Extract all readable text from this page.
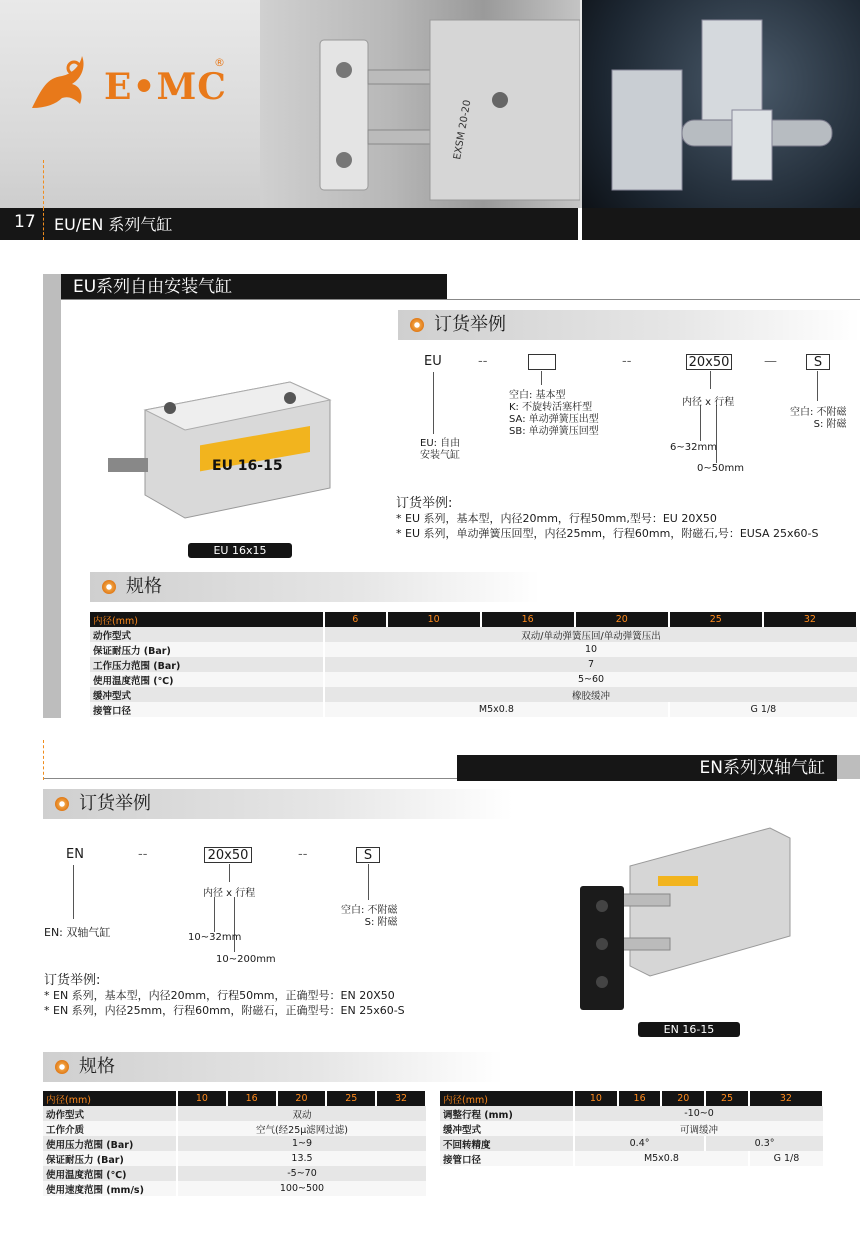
EXSM 20-20
E•MC
®
17 EU/EN 系列气缸
EU系列自由安装气缸
EU 16-15
EU 16x15
订货举例
EU	--	--	20x50	—	S
空白: 基本型
K: 不旋转活塞杆型
SA: 单动弹簧压出型
SB: 单动弹簧压回型
EU: 自由
安装气缸
内径 x 行程
6~32mm
0~50mm
空白: 不附磁
S: 附磁
订货举例:
* EU 系列，基本型，内径20mm，行程50mm,型号：EU 20X50
* EU 系列，单动弹簧压回型，内径25mm，行程60mm，附磁石,号：EUSA 25x60-S
规格
内径(mm)	6	10	16	20	25	32
动作型式	双动/单动弹簧压回/单动弹簧压出					
保证耐压力 (Bar)	10					
工作压力范围 (Bar)	7					
使用温度范围 (℃)	5~60					
缓冲型式	橡胶缓冲					
接管口径	M5x0.8				G 1/8	
EN系列双轴气缸
订货举例
EN	--	20x50	--	S
内径 x 行程
EN: 双轴气缸	10~32mm
10~200mm
空白: 不附磁
S: 附磁
订货举例:
* EN 系列，基本型，内径20mm，行程50mm，正确型号：EN 20X50
* EN 系列，内径25mm，行程60mm，附磁石，正确型号：EN 25x60-S
EN 16-15
规格
内径(mm)	10	16	20	25	32
动作型式	双动				
工作介质	空气(经25μ滤网过滤)				
使用压力范围 (Bar)	1~9				
保证耐压力 (Bar)	13.5				
使用温度范围 (℃)	-5~70				
使用速度范围 (mm/s)	100~500				
内径(mm)	10	16	20	25	32
调整行程 (mm)	-10~0				
缓冲型式	可调缓冲				
不回转精度	0.4°			0.3°	
接管口径	M5x0.8				G 1/8
